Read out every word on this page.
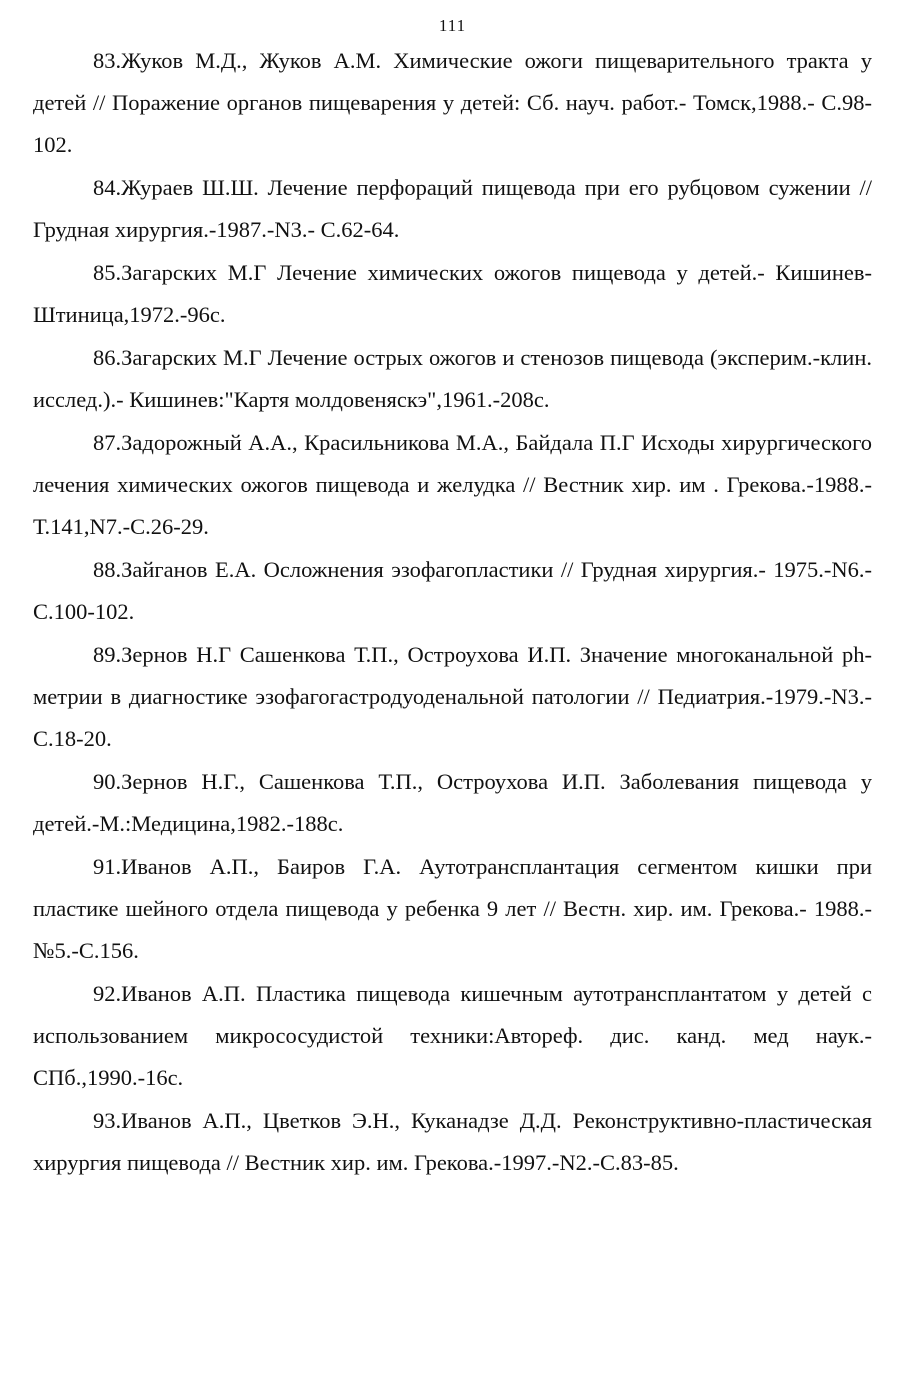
111

83.Жуков М.Д., Жуков А.М. Химические ожоги пищеварительного тракта у детей // Поражение органов пищеварения у детей: Сб. науч. работ.- Томск,1988.- С.98-102.

84.Жураев Ш.Ш. Лечение перфораций пищевода при его рубцовом сужении // Грудная хирургия.-1987.-N3.- С.62-64.

85.Загарских М.Г Лечение химических ожогов пищевода у детей.- Кишинев-Штиница,1972.-96с.

86.Загарских М.Г Лечение острых ожогов и стенозов пищевода (эксперим.-клин. исслед.).- Кишинев:"Картя молдовеняскэ",1961.-208с.

87.Задорожный А.А., Красильникова М.А., Байдала П.Г Исходы хирургического лечения химических ожогов пищевода и желудка // Вестник хир. им . Грекова.-1988.- Т.141,N7.-С.26-29.

88.Зайганов Е.А. Осложнения эзофагопластики // Грудная хирургия.- 1975.-N6.-С.100-102.

89.Зернов Н.Г Сашенкова Т.П., Остроухова И.П. Значение многоканальной ph-метрии в диагностике эзофагогастродуоденальной патологии // Педиатрия.-1979.-N3.-С.18-20.

90.Зернов Н.Г., Сашенкова Т.П., Остроухова И.П. Заболевания пищевода у детей.-М.:Медицина,1982.-188с.

91.Иванов А.П., Баиров Г.А. Аутотрансплантация сегментом кишки при пластике шейного отдела пищевода у ребенка 9 лет // Вестн. хир. им. Грекова.- 1988.-№5.-С.156.

92.Иванов А.П. Пластика пищевода кишечным аутотрансплантатом у детей с использованием микрососудистой техники:Автореф. дис. канд. мед наук.-СПб.,1990.-16с.

93.Иванов А.П., Цветков Э.Н., Куканадзе Д.Д. Реконструктивно-пластическая хирургия пищевода // Вестник хир. им. Грекова.-1997.-N2.-С.83-85.
